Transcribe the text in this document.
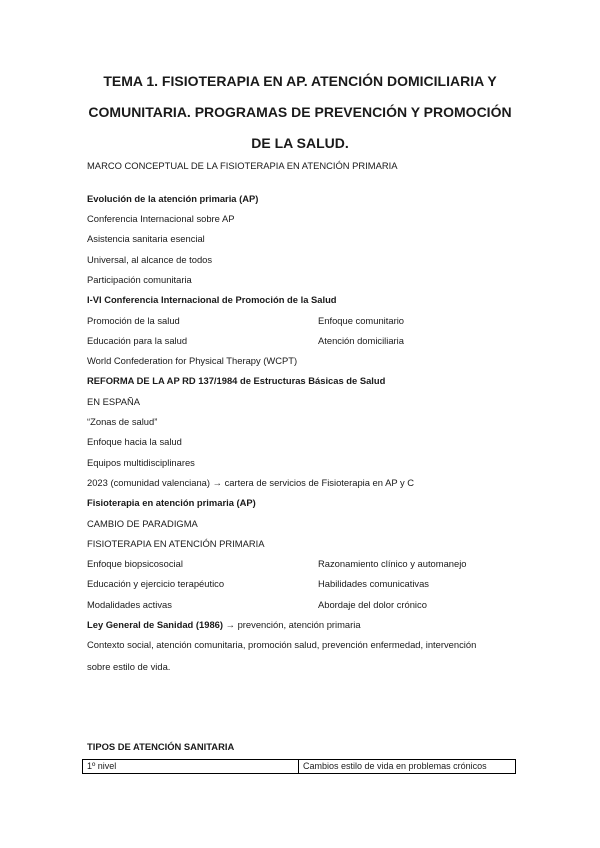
TEMA 1. FISIOTERAPIA EN AP. ATENCIÓN DOMICILIARIA Y
COMUNITARIA. PROGRAMAS DE PREVENCIÓN Y PROMOCIÓN
DE LA SALUD.
MARCO CONCEPTUAL DE LA FISIOTERAPIA EN ATENCIÓN PRIMARIA
Evolución de la atención primaria (AP)
Conferencia Internacional sobre AP
Asistencia sanitaria esencial
Universal, al alcance de todos
Participación comunitaria
I-VI Conferencia Internacional de Promoción de la Salud
Promoción de la salud	Enfoque comunitario
Educación para la salud	Atención domiciliaria
World Confederation for Physical Therapy (WCPT)
REFORMA DE LA AP RD 137/1984 de Estructuras Básicas de Salud
EN ESPAÑA
“Zonas de salud”
Enfoque hacia la salud
Equipos multidisciplinares
2023 (comunidad valenciana) → cartera de servicios de Fisioterapia en AP y C
Fisioterapia en atención primaria (AP)
CAMBIO DE PARADIGMA
FISIOTERAPIA EN ATENCIÓN PRIMARIA
Enfoque biopsicosocial	Razonamiento clínico y automanejo
Educación y ejercicio terapéutico	Habilidades comunicativas
Modalidades activas	Abordaje del dolor crónico
Ley General de Sanidad (1986) → prevención, atención primaria
Contexto social, atención comunitaria, promoción salud, prevención enfermedad, intervención
sobre estilo de vida.
TIPOS DE ATENCIÓN SANITARIA
1º nivel	Cambios estilo de vida en problemas crónicos
